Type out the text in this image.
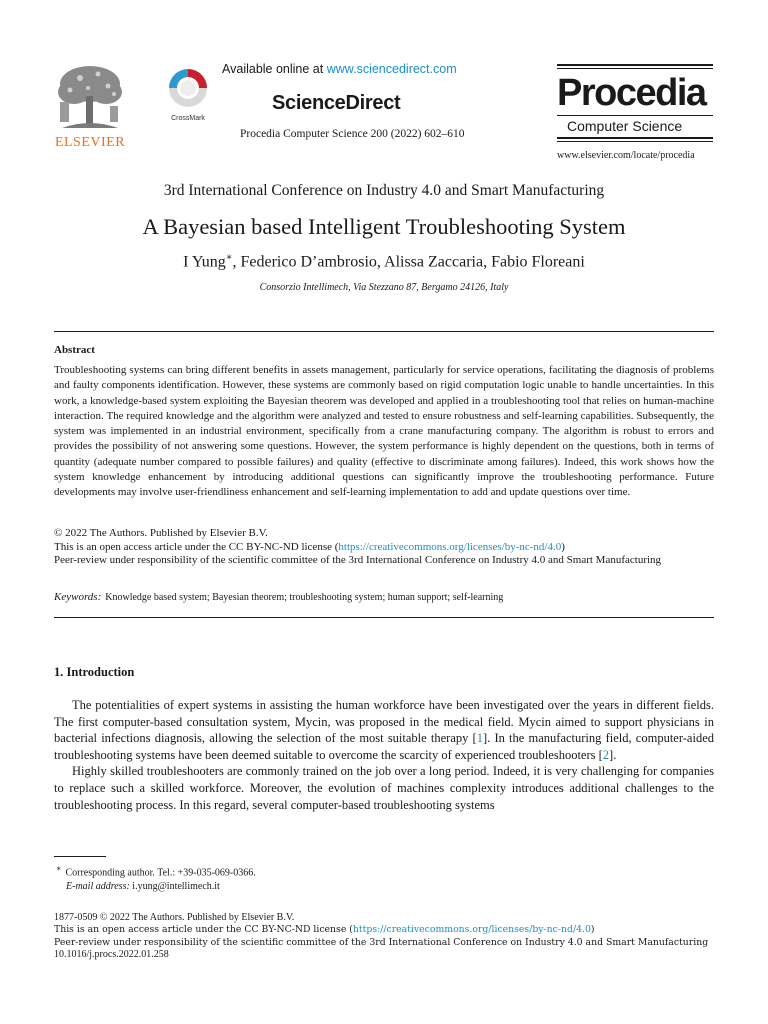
ELSEVIER
CrossMark
Available online at www.sciencedirect.com
ScienceDirect
Procedia Computer Science 200 (2022) 602–610
Procedia
Computer Science
www.elsevier.com/locate/procedia
3rd International Conference on Industry 4.0 and Smart Manufacturing
A Bayesian based Intelligent Troubleshooting System
I Yung∗, Federico D’ambrosio, Alissa Zaccaria, Fabio Floreani
Consorzio Intellimech, Via Stezzano 87, Bergamo 24126, Italy
Abstract
Troubleshooting systems can bring different benefits in assets management, particularly for service operations, facilitating the diagnosis of problems and faulty components identification. However, these systems are commonly based on rigid computation logic unable to handle uncertainties. In this work, a knowledge-based system exploiting the Bayesian theorem was developed and applied in a troubleshooting tool that relies on human-machine interaction. The required knowledge and the algorithm were analyzed and tested to ensure robustness and self-learning capabilities. Subsequently, the system was implemented in an industrial environment, specifically from a crane manufacturing company. The algorithm is robust to errors and provides the possibility of not answering some questions. However, the system performance is highly dependent on the questions, both in terms of quantity (adequate number compared to possible failures) and quality (effective to discriminate among failures). Indeed, this work shows how the system knowledge enhancement by introducing additional questions can significantly improve the troubleshooting performance. Future developments may involve user-friendliness enhancement and self-learning implementation to add and update questions over time.
© 2022 The Authors. Published by Elsevier B.V.
This is an open access article under the CC BY-NC-ND license (https://creativecommons.org/licenses/by-nc-nd/4.0)
Peer-review under responsibility of the scientific committee of the 3rd International Conference on Industry 4.0 and Smart Manufacturing
Keywords: Knowledge based system; Bayesian theorem; troubleshooting system; human support; self-learning
1. Introduction

The potentialities of expert systems in assisting the human workforce have been investigated over the years in different fields. The first computer-based consultation system, Mycin, was proposed in the medical field. Mycin aimed to support physicians in bacterial infections diagnosis, allowing the selection of the most suitable therapy [1]. In the manufacturing field, computer-aided troubleshooting systems have been deemed suitable to overcome the scarcity of experienced troubleshooters [2].

Highly skilled troubleshooters are commonly trained on the job over a long period. Indeed, it is very challenging for companies to replace such a skilled workforce. Moreover, the evolution of machines complexity introduces additional challenges to the troubleshooting process. In this regard, several computer-based troubleshooting systems

∗ Corresponding author. Tel.: +39-035-069-0366.
E-mail address: i.yung@intellimech.it
1877-0509 © 2022 The Authors. Published by Elsevier B.V.
This is an open access article under the CC BY-NC-ND license (https://creativecommons.org/licenses/by-nc-nd/4.0)
Peer-review under responsibility of the scientific committee of the 3rd International Conference on Industry 4.0 and Smart Manufacturing
10.1016/j.procs.2022.01.258
